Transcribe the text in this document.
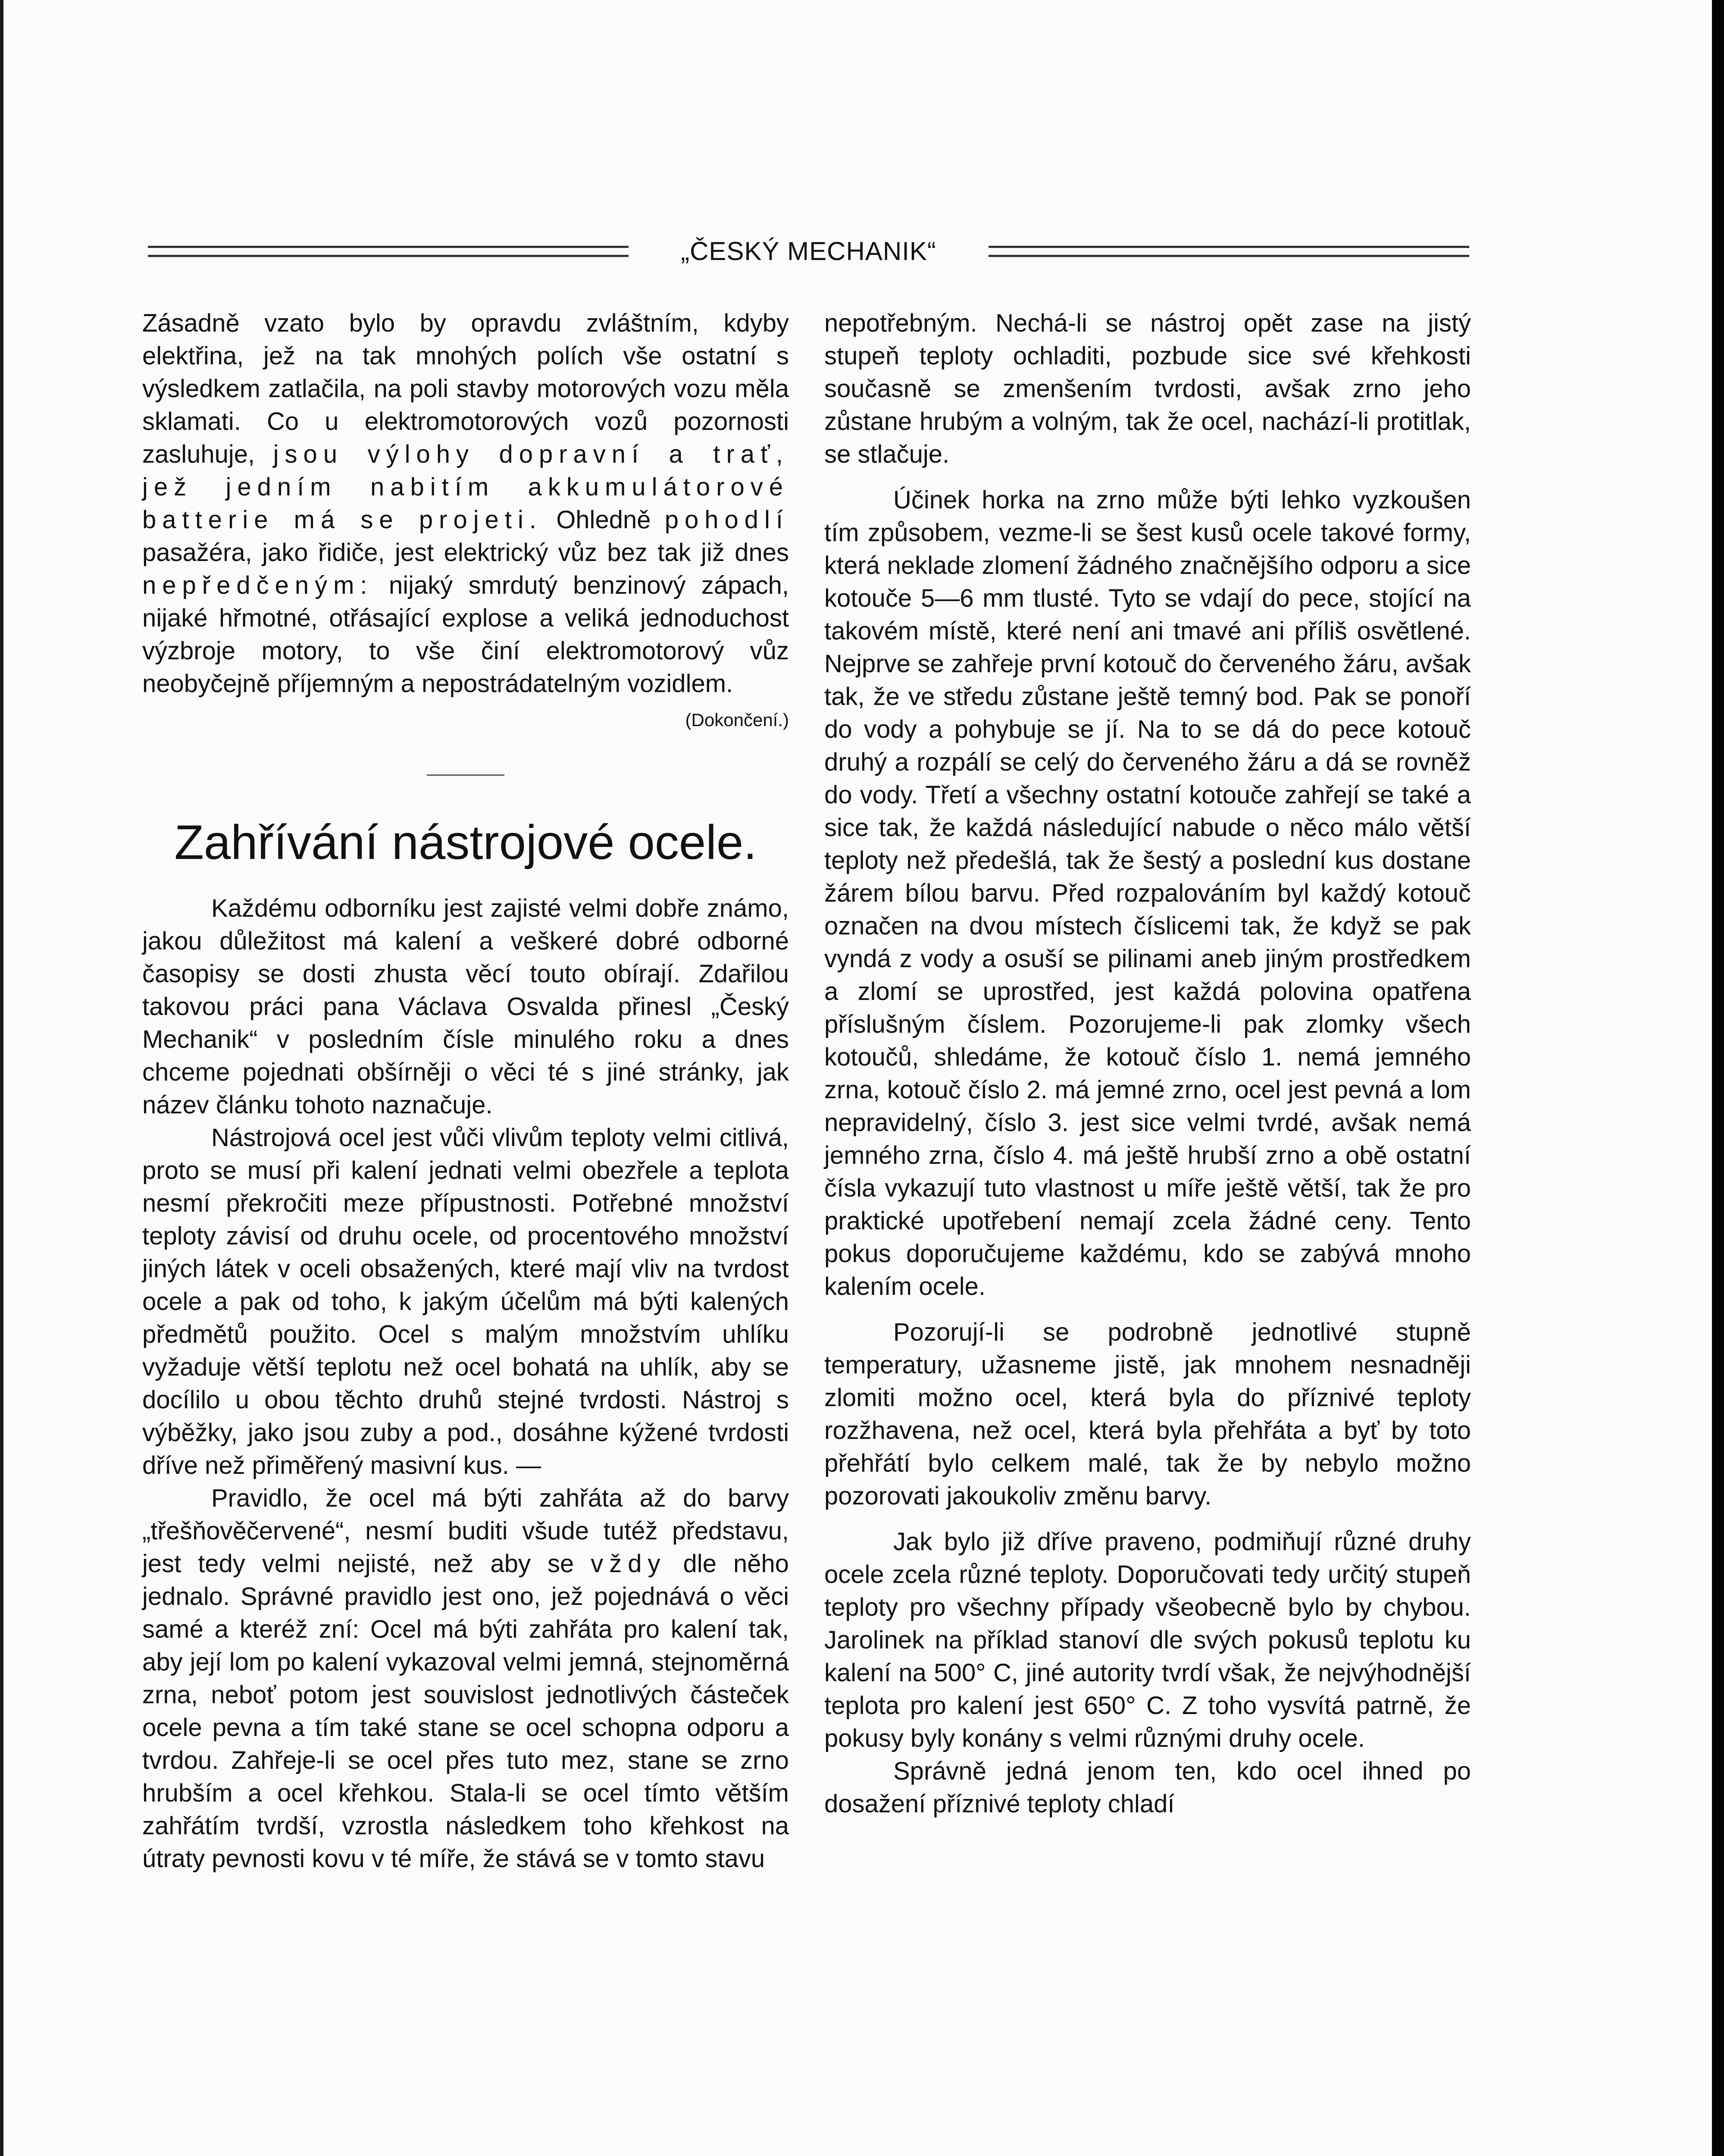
„ČESKÝ MECHANIK“

Zásadně vzato bylo by opravdu zvláštním, kdyby elektřina, jež na tak mnohých polích vše ostatní s výsledkem zatlačila, na poli stavby motorových vozu měla sklamati. Co u elektromotorových vozů pozornosti zasluhuje, jsou výlohy dopravní a trať, jež jedním nabitím akkumulátorové batterie má se projeti. Ohledně pohodlí pasažéra, jako řidiče, jest elektrický vůz bez tak již dnes nepředčeným: nijaký smrdutý benzinový zápach, nijaké hřmotné, otřásající explose a veliká jednoduchost výzbroje motory, to vše činí elektromotorový vůz neobyčejně příjemným a nepostrádatelným vozidlem.
(Dokončení.)

Zahřívání nástrojové ocele.

Každému odborníku jest zajisté velmi dobře známo, jakou důležitost má kalení a veškeré dobré odborné časopisy se dosti zhusta věcí touto obírají. Zdařilou takovou práci pana Václava Osvalda přinesl „Český Mechanik“ v posledním čísle minulého roku a dnes chceme pojednati obšírněji o věci té s jiné stránky, jak název článku tohoto naznačuje.

Nástrojová ocel jest vůči vlivům teploty velmi citlivá, proto se musí při kalení jednati velmi obezřele a teplota nesmí překročiti meze přípustnosti. Potřebné množství teploty závisí od druhu ocele, od procentového množství jiných látek v oceli obsažených, které mají vliv na tvrdost ocele a pak od toho, k jakým účelům má býti kalených předmětů použito. Ocel s malým množstvím uhlíku vyžaduje větší teplotu než ocel bohatá na uhlík, aby se docílilo u obou těchto druhů stejné tvrdosti. Nástroj s výběžky, jako jsou zuby a pod., dosáhne kýžené tvrdosti dříve než přiměřený masivní kus. —

Pravidlo, že ocel má býti zahřáta až do barvy „třešňověčervené“, nesmí buditi všude tutéž představu, jest tedy velmi nejisté, než aby se vždy dle něho jednalo. Správné pravidlo jest ono, jež pojednává o věci samé a kteréž zní: Ocel má býti zahřáta pro kalení tak, aby její lom po kalení vykazoval velmi jemná, stejnoměrná zrna, neboť potom jest souvislost jednotlivých částeček ocele pevna a tím také stane se ocel schopna odporu a tvrdou. Zahřeje-li se ocel přes tuto mez, stane se zrno hrubším a ocel křehkou. Stala-li se ocel tímto větším zahřátím tvrdší, vzrostla následkem toho křehkost na útraty pevnosti kovu v té míře, že stává se v tomto stavu

nepotřebným. Nechá-li se nástroj opět zase na jistý stupeň teploty ochladiti, pozbude sice své křehkosti současně se zmenšením tvrdosti, avšak zrno jeho zůstane hrubým a volným, tak že ocel, nachází-li protitlak, se stlačuje.

Účinek horka na zrno může býti lehko vyzkoušen tím způsobem, vezme-li se šest kusů ocele takové formy, která neklade zlomení žádného značnějšího odporu a sice kotouče 5—6 mm tlusté. Tyto se vdají do pece, stojící na takovém místě, které není ani tmavé ani příliš osvětlené. Nejprve se zahřeje první kotouč do červeného žáru, avšak tak, že ve středu zůstane ještě temný bod. Pak se ponoří do vody a pohybuje se jí. Na to se dá do pece kotouč druhý a rozpálí se celý do červeného žáru a dá se rovněž do vody. Třetí a všechny ostatní kotouče zahřejí se také a sice tak, že každá následující nabude o něco málo větší teploty než předešlá, tak že šestý a poslední kus dostane žárem bílou barvu. Před rozpalováním byl každý kotouč označen na dvou místech číslicemi tak, že když se pak vyndá z vody a osuší se pilinami aneb jiným prostředkem a zlomí se uprostřed, jest každá polovina opatřena příslušným číslem. Pozorujeme-li pak zlomky všech kotoučů, shledáme, že kotouč číslo 1. nemá jemného zrna, kotouč číslo 2. má jemné zrno, ocel jest pevná a lom nepravidelný, číslo 3. jest sice velmi tvrdé, avšak nemá jemného zrna, číslo 4. má ještě hrubší zrno a obě ostatní čísla vykazují tuto vlastnost u míře ještě větší, tak že pro praktické upotřebení nemají zcela žádné ceny. Tento pokus doporučujeme každému, kdo se zabývá mnoho kalením ocele.

Pozorují-li se podrobně jednotlivé stupně temperatury, užasneme jistě, jak mnohem nesnadněji zlomiti možno ocel, která byla do příznivé teploty rozžhavena, než ocel, která byla přehřáta a byť by toto přehřátí bylo celkem malé, tak že by nebylo možno pozorovati jakoukoliv změnu barvy.

Jak bylo již dříve praveno, podmiňují různé druhy ocele zcela různé teploty. Doporučovati tedy určitý stupeň teploty pro všechny případy všeobecně bylo by chybou. Jarolinek na příklad stanoví dle svých pokusů teplotu ku kalení na 500° C, jiné autority tvrdí však, že nejvýhodnější teplota pro kalení jest 650° C. Z toho vysvítá patrně, že pokusy byly konány s velmi různými druhy ocele.

Správně jedná jenom ten, kdo ocel ihned po dosažení příznivé teploty chladí
